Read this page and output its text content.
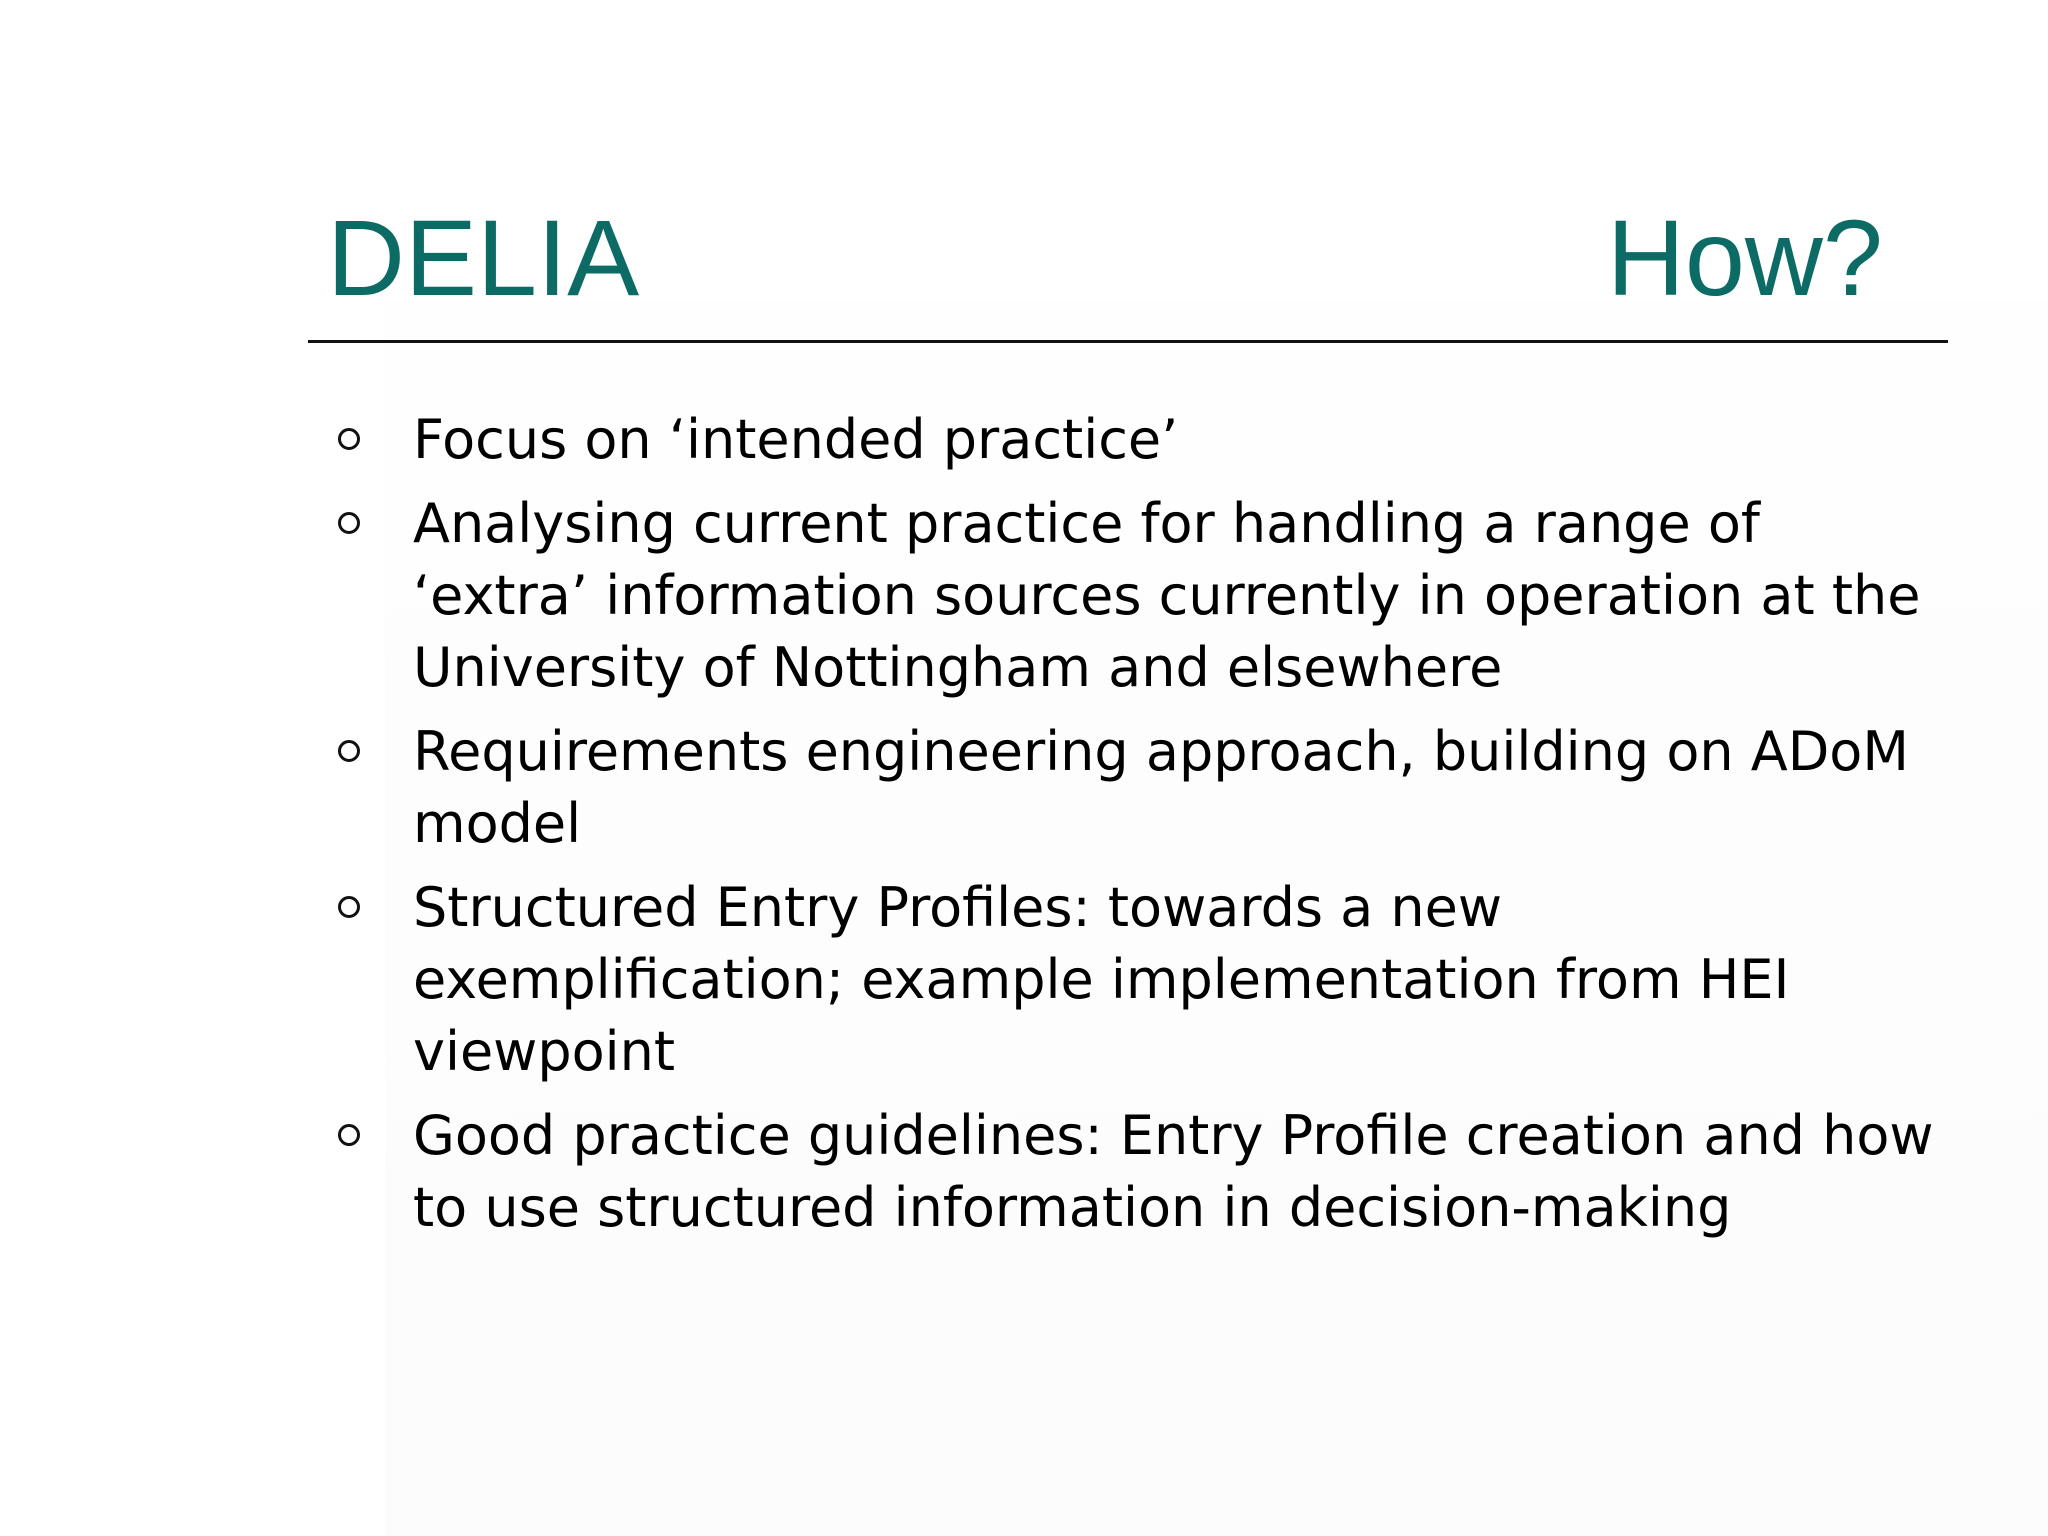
DELIA	How?
Focus on ‘intended practice’
Analysing current practice for handling a range of ‘extra’ information sources currently in operation at the University of Nottingham and elsewhere
Requirements engineering approach, building on ADoM model
Structured Entry Profiles: towards a new exemplification; example implementation from HEI viewpoint
Good practice guidelines: Entry Profile creation and how to use structured information in decision-making
